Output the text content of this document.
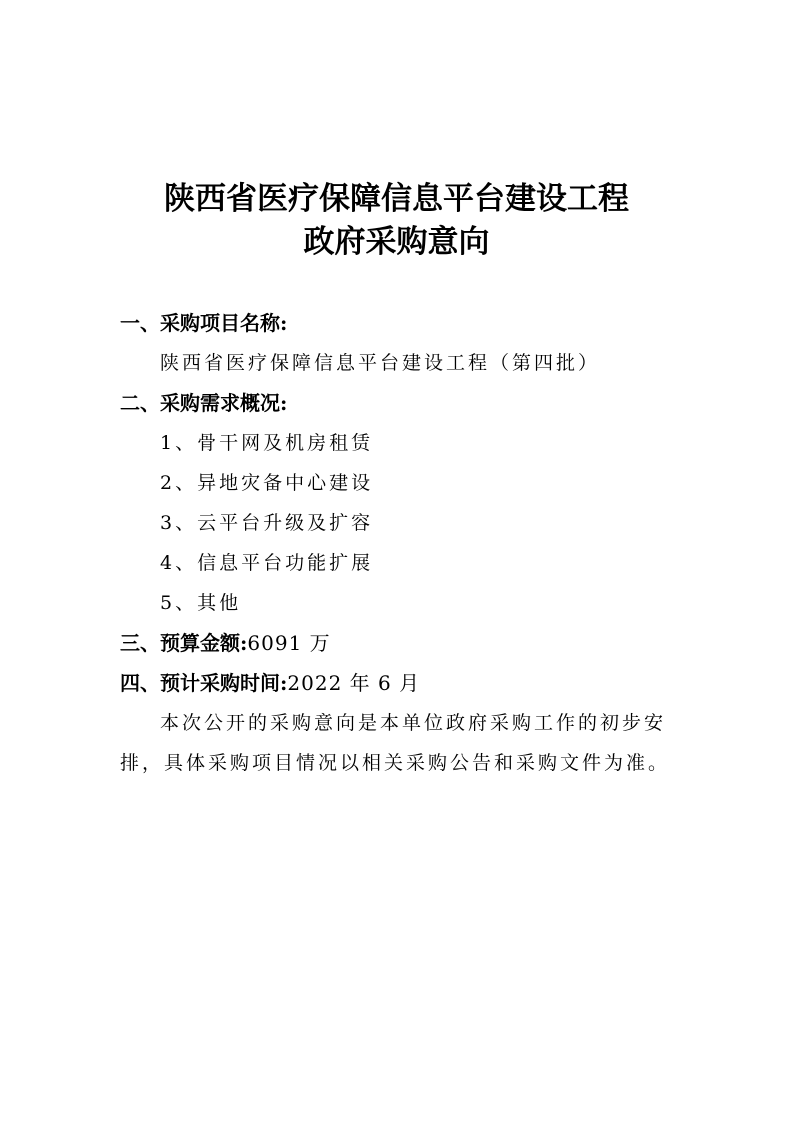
陕西省医疗保障信息平台建设工程
政府采购意向
一、采购项目名称:
陕西省医疗保障信息平台建设工程（第四批）
二、采购需求概况:
1、骨干网及机房租赁
2、异地灾备中心建设
3、云平台升级及扩容
4、信息平台功能扩展
5、其他
三、预算金额:6091 万
四、预计采购时间:2022 年 6 月
本次公开的采购意向是本单位政府采购工作的初步安
排，具体采购项目情况以相关采购公告和采购文件为准。
